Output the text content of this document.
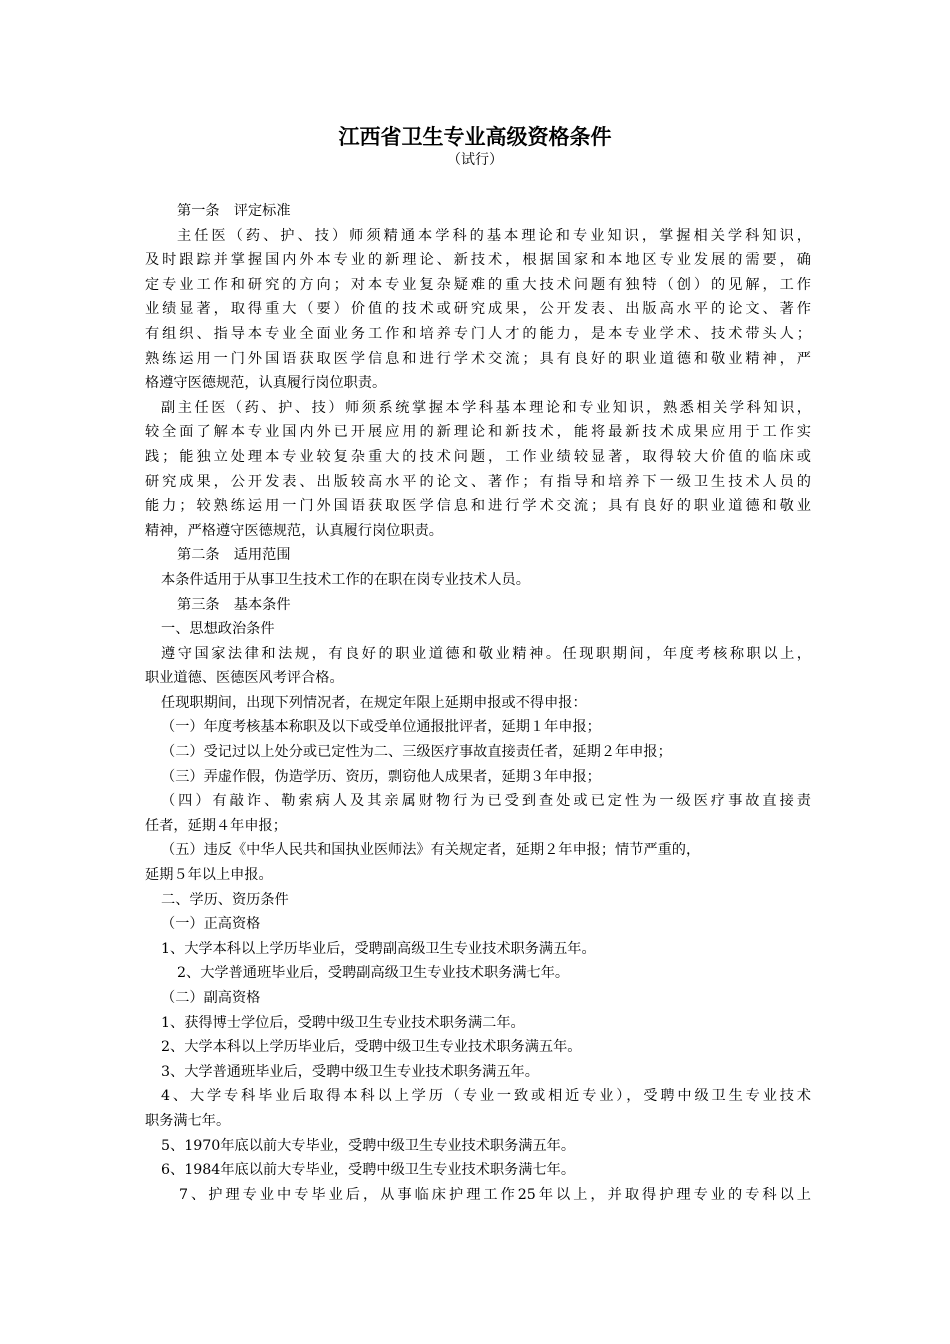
江西省卫生专业高级资格条件
（试行）
第一条　评定标准
主任医（药、护、技）师须精通本学科的基本理论和专业知识，掌握相关学科知识，
及时跟踪并掌握国内外本专业的新理论、新技术，根据国家和本地区专业发展的需要，确
定专业工作和研究的方向；对本专业复杂疑难的重大技术问题有独特（创）的见解，工作
业绩显著，取得重大（要）价值的技术或研究成果，公开发表、出版高水平的论文、著作
有组织、指导本专业全面业务工作和培养专门人才的能力，是本专业学术、技术带头人；
熟练运用一门外国语获取医学信息和进行学术交流；具有良好的职业道德和敬业精神，严
格遵守医德规范，认真履行岗位职责。
副主任医（药、护、技）师须系统掌握本学科基本理论和专业知识，熟悉相关学科知识，
较全面了解本专业国内外已开展应用的新理论和新技术，能将最新技术成果应用于工作实
践；能独立处理本专业较复杂重大的技术问题，工作业绩较显著，取得较大价值的临床或
研究成果，公开发表、出版较高水平的论文、著作；有指导和培养下一级卫生技术人员的
能力；较熟练运用一门外国语获取医学信息和进行学术交流；具有良好的职业道德和敬业
精神，严格遵守医德规范，认真履行岗位职责。
第二条　适用范围
本条件适用于从事卫生技术工作的在职在岗专业技术人员。
第三条　基本条件
一、思想政治条件
遵守国家法律和法规，有良好的职业道德和敬业精神。任现职期间，年度考核称职以上，
职业道德、医德医风考评合格。
任现职期间，出现下列情况者，在规定年限上延期申报或不得申报：
（一）年度考核基本称职及以下或受单位通报批评者，延期１年申报；
（二）受记过以上处分或已定性为二、三级医疗事故直接责任者，延期２年申报；
（三）弄虚作假，伪造学历、资历，剽窃他人成果者，延期３年申报；
（四）有敲诈、勒索病人及其亲属财物行为已受到查处或已定性为一级医疗事故直接责
任者，延期４年申报；
（五）违反《中华人民共和国执业医师法》有关规定者，延期２年申报；情节严重的，
延期５年以上申报。
二、学历、资历条件
（一）正高资格
1、大学本科以上学历毕业后，受聘副高级卫生专业技术职务满五年。
2、大学普通班毕业后，受聘副高级卫生专业技术职务满七年。
（二）副高资格
1、获得博士学位后，受聘中级卫生专业技术职务满二年。
2、大学本科以上学历毕业后，受聘中级卫生专业技术职务满五年。
3、大学普通班毕业后，受聘中级卫生专业技术职务满五年。
4、大学专科毕业后取得本科以上学历（专业一致或相近专业），受聘中级卫生专业技术
职务满七年。
5、1970年底以前大专毕业，受聘中级卫生专业技术职务满五年。
6、1984年底以前大专毕业，受聘中级卫生专业技术职务满七年。
7、护理专业中专毕业后，从事临床护理工作25年以上，并取得护理专业的专科以上
